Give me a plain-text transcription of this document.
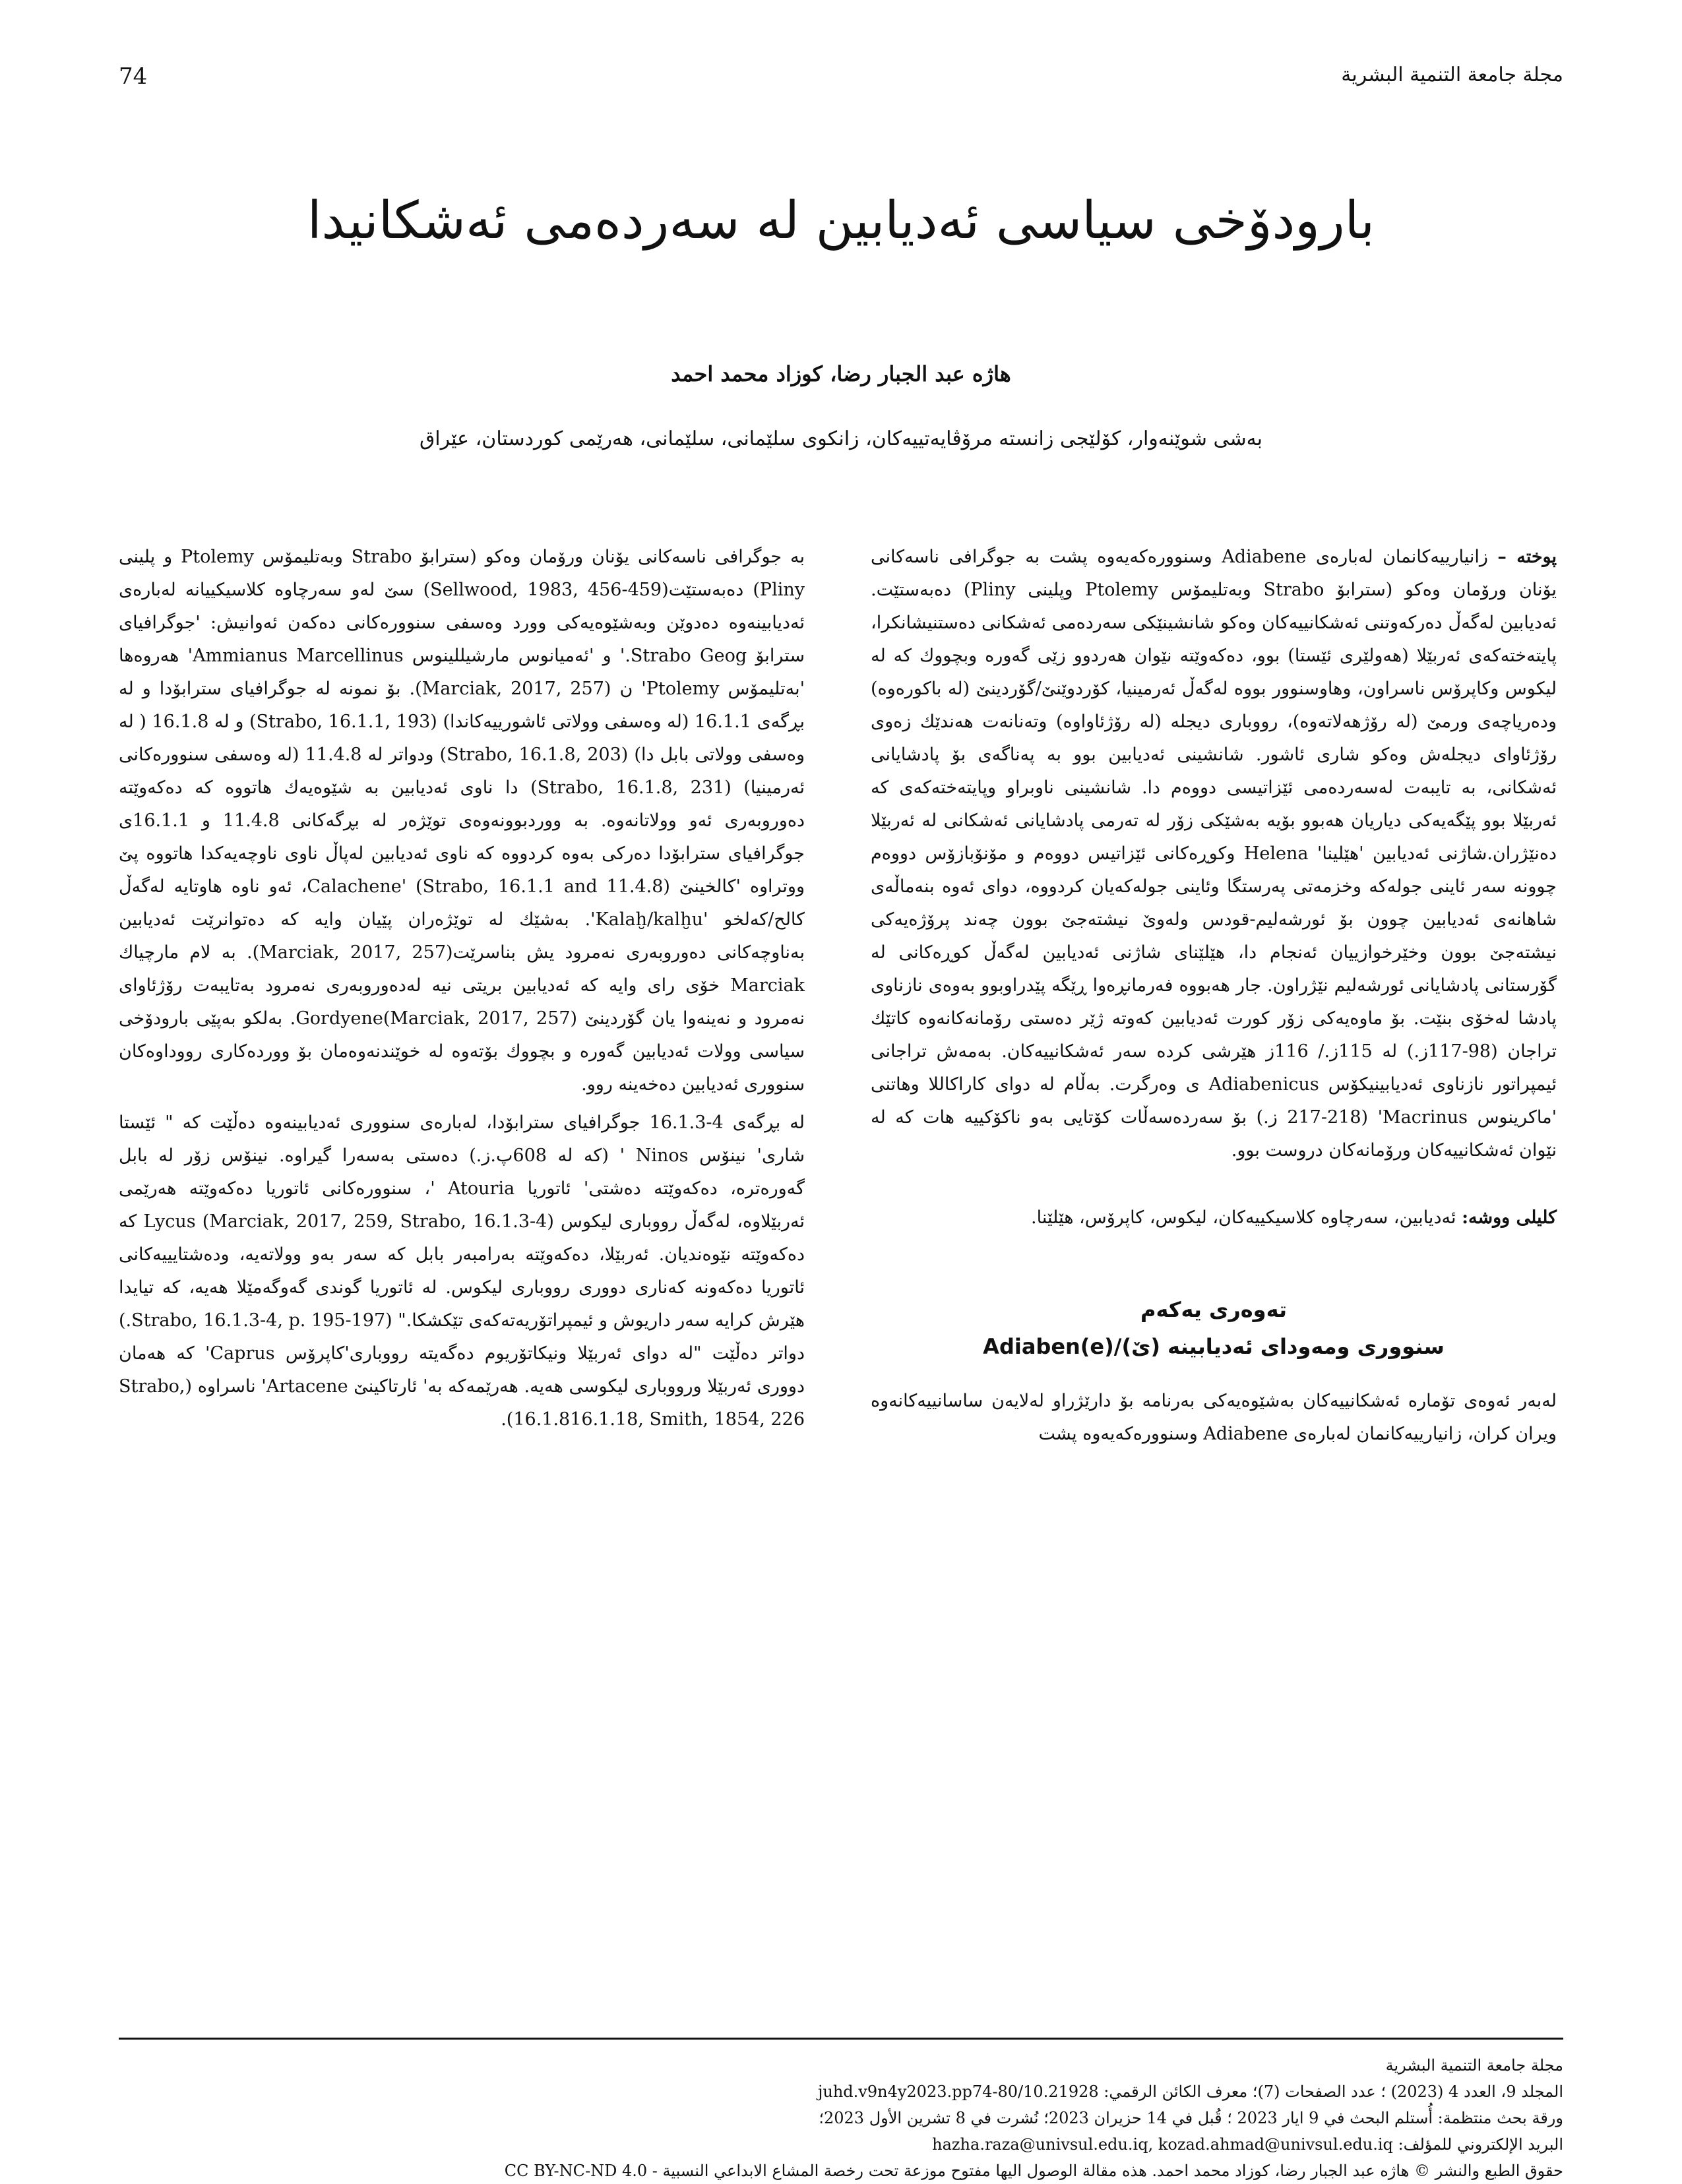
مجلة جامعة التنمية البشرية
74
بارودۆخی سیاسی ئەدیابین لە سەردەمی ئەشکانیدا
هاژه عبد الجبار رضا، كوزاد محمد احمد
بەشی شوێنەوار، کۆلێجی زانستە مرۆڤایەتییەکان، زانکوی سلێمانی، سلێمانی، هەرێمی کوردستان، عێراق

پوختە – زانیارییەکانمان لەبارەی Adiabene وسنوورەکەیەوە پشت بە جوگرافی ناسەکانی یۆنان ورۆمان وەکو (سترابۆ Strabo وبەتلیمۆس Ptolemy وپلینی Pliny) دەبەستێت. ئەدیابین لەگەڵ دەرکەوتنی ئەشکانییەکان وەکو شانشینێکی سەردەمی ئەشکانی دەستنیشانکرا، پایتەختەکەی ئەربێلا (هەولێری ئێستا) بوو، دەکەوێتە نێوان هەردوو زێی گەورە وبچووك کە لە لیکوس وکاپرۆس ناسراون، وهاوسنوور بووە لەگەڵ ئەرمینیا، کۆردوێنێ/گۆردینێ (لە باکورەوە) ودەریاچەی ورمێ (لە رۆژهەلاتەوە)، رووباری دیجلە (لە رۆژئاواوە) وتەنانەت هەندێك زەوی رۆژئاوای دیجلەش وەکو شاری ئاشور. شانشینی ئەدیابین بوو بە پەناگەی بۆ پادشایانی ئەشکانی، بە تایبەت لەسەردەمی ئێزاتیسی دووەم دا. شانشینی ناوبراو وپایتەختەکەی کە ئەربێلا بوو پێگەیەکی دیاریان هەبوو بۆیە بەشێکی زۆر لە تەرمی پادشایانی ئەشکانی لە ئەربێلا دەنێژران.شاژنی ئەدیابین 'هێلینا' Helena وکوڕەکانی ئێزاتیس دووەم و مۆنۆبازۆس دووەم چوونە سەر ئاینی جولەکە وخزمەتی پەرستگا وئاینی جولەکەیان کردووە، دوای ئەوە بنەماڵەی شاهانەی ئەدیابین چوون بۆ ئورشەلیم-قودس ولەوێ نیشتەجێ بوون چەند پرۆژەیەکی نیشتەجێ بوون وخێرخوازییان ئەنجام دا، هێلێنای شاژنی ئەدیابین لەگەڵ کوڕەکانی لە گۆرستانی پادشایانی ئورشەلیم نێژراون. جار هەبووە فەرمانڕەوا ڕێگە پێدراوبوو بەوەی نازناوی پادشا لەخۆی بنێت. بۆ ماوەیەکی زۆر کورت ئەدیابین کەوتە ژێر دەستی رۆمانەکانەوە کاتێك تراجان (98-117ز.) لە 115ز./ 116ز هێرشی کردە سەر ئەشکانییەکان. بەمەش تراجانی ئیمپراتور نازناوی ئەدیابینیکۆس Adiabenicus ی وەرگرت. بەڵام لە دوای کاراکاللا وهاتنی 'ماکرینوس Macrinus' (217-218 ز.) بۆ سەردەسەڵات کۆتایی بەو ناکۆکییە هات کە لە نێوان ئەشکانییەکان ورۆمانەکان دروست بوو.

کلیلی ووشە: ئەدیابین، سەرچاوە کلاسیکییەکان، لیکوس، کاپرۆس، هێلێنا.

تەوەری یەکەم
سنووری ومەودای ئەدیابینە (ێ)/Adiaben(e)

لەبەر ئەوەی تۆمارە ئەشکانییەکان بەشێوەیەکی بەرنامە بۆ دارێژراو لەلایەن ساسانییەکانەوە ویران کران، زانیارییەکانمان لەبارەی Adiabene وسنوورەکەیەوە پشت

بە جوگرافی ناسەکانی یۆنان ورۆمان وەکو (سترابۆ Strabo وبەتلیمۆس Ptolemy و پلینی Pliny) دەبەستێت(Sellwood, 1983, 456-459) سێ لەو سەرچاوە کلاسیکییانە لەبارەی ئەدیابینەوە دەدوێن وبەشێوەیەکی وورد وەسفی سنوورەکانی دەکەن ئەوانیش: 'جوگرافیای سترابۆ Strabo Geog.' و 'ئەمیانوس مارشیللینوس Ammianus Marcellinus' هەروەها 'بەتلیمۆس Ptolemy' ن (Marciak, 2017, 257). بۆ نمونە لە جوگرافیای سترابۆدا و لە بڕگەی 16.1.1 (لە وەسفی وولاتی ئاشورییەکاندا) (Strabo, 16.1.1, 193) و لە 16.1.8 ( لە وەسفی وولاتی بابل دا) (Strabo, 16.1.8, 203) ودواتر لە 11.4.8 (لە وەسفی سنوورەکانی ئەرمینیا) (Strabo, 16.1.8, 231) دا ناوی ئەدیابین بە شێوەیەك هاتووە کە دەکەوێتە دەوروبەری ئەو وولاتانەوە. بە ووردبوونەوەی توێژەر لە بڕگەکانی 11.4.8 و 16.1.1ی جوگرافیای سترابۆدا دەرکی بەوە کردووە کە ناوی ئەدیابین لەپاڵ ناوی ناوچەیەکدا هاتووە پێ ووتراوە 'کالخینێ Calachene' (Strabo, 16.1.1 and 11.4.8)، ئەو ناوە هاوتایە لەگەڵ کالح/کەلخو 'Kalaḫ/kalḫu'. بەشێك لە توێژەران پێیان وایە کە دەتوانرێت ئەدیابین بەناوچەکانی دەوروبەری نەمرود یش بناسرێت(Marciak, 2017, 257). بە لام مارچیاك Marciak خۆی رای وایە کە ئەدیابین بریتی نیە لەدەوروبەری نەمرود بەتایبەت رۆژئاوای نەمرود و نەینەوا یان گۆردینێ (Marciak, 2017, 257)Gordyene. بەلکو بەپێی بارودۆخی سیاسی وولات ئەدیابین گەورە و بچووك بۆتەوە لە خوێندنەوەمان بۆ ووردەکاری رووداوەکان سنووری ئەدیابین دەخەینە روو.

لە بڕگەی 4-16.1.3 جوگرافیای سترابۆدا، لەبارەی سنووری ئەدیابینەوە دەڵێت کە " ئێستا شاری' نینۆس Ninos ' (کە لە 608پ.ز.) دەستی بەسەرا گیراوە. نینۆس زۆر لە بابل گەورەترە، دەکەوێتە دەشتی' ئاتوریا Atouria '، سنوورەکانی ئاتوریا دەکەوێتە هەرێمی ئەربێلاوە، لەگەڵ رووباری لیکوس Lycus (Marciak, 2017, 259, Strabo, 16.1.3-4) کە دەکەوێتە نێوەندیان. ئەربێلا، دەکەوێتە بەرامبەر بابل کە سەر بەو وولاتەیە، ودەشتایییەکانی ئاتوریا دەکەونە کەناری دووری رووباری لیکوس. لە ئاتوریا گوندی گەوگەمێلا هەیە، کە تیایدا هێرش کرایە سەر داریوش و ئیمپراتۆریەتەکەی تێکشکا." (Strabo, 16.1.3-4, p. 195-197.) دواتر دەڵێت "لە دوای ئەربێلا ونیکاتۆریوم دەگەیتە رووباری'کاپرۆس Caprus' کە هەمان دووری ئەربێلا ورووباری لیکوسی هەیە. هەرێمەکە بە' ئارتاکینێ Artacene' ناسراوە (Strabo, 16.1.816.1.18, Smith, 1854, 226).

مجلة جامعة التنمية البشرية
المجلد 9، العدد 4 (2023) ؛ عدد الصفحات (7)؛ معرف الكائن الرقمي: 10.21928/juhd.v9n4y2023.pp74-80
ورقة بحث منتظمة: أُستلم البحث في 9 ايار 2023 ؛ قُبل في 14 حزيران 2023؛ نُشرت في 8 تشرين الأول 2023؛
البريد الإلكتروني للمؤلف: hazha.raza@univsul.edu.iq, kozad.ahmad@univsul.edu.iq
حقوق الطبع والنشر © هاژه عبد الجبار رضا، كوزاد محمد احمد. هذه مقالة الوصول اليها مفتوح موزعة تحت رخصة المشاع الابداعي النسبية - CC BY-NC-ND 4.0
